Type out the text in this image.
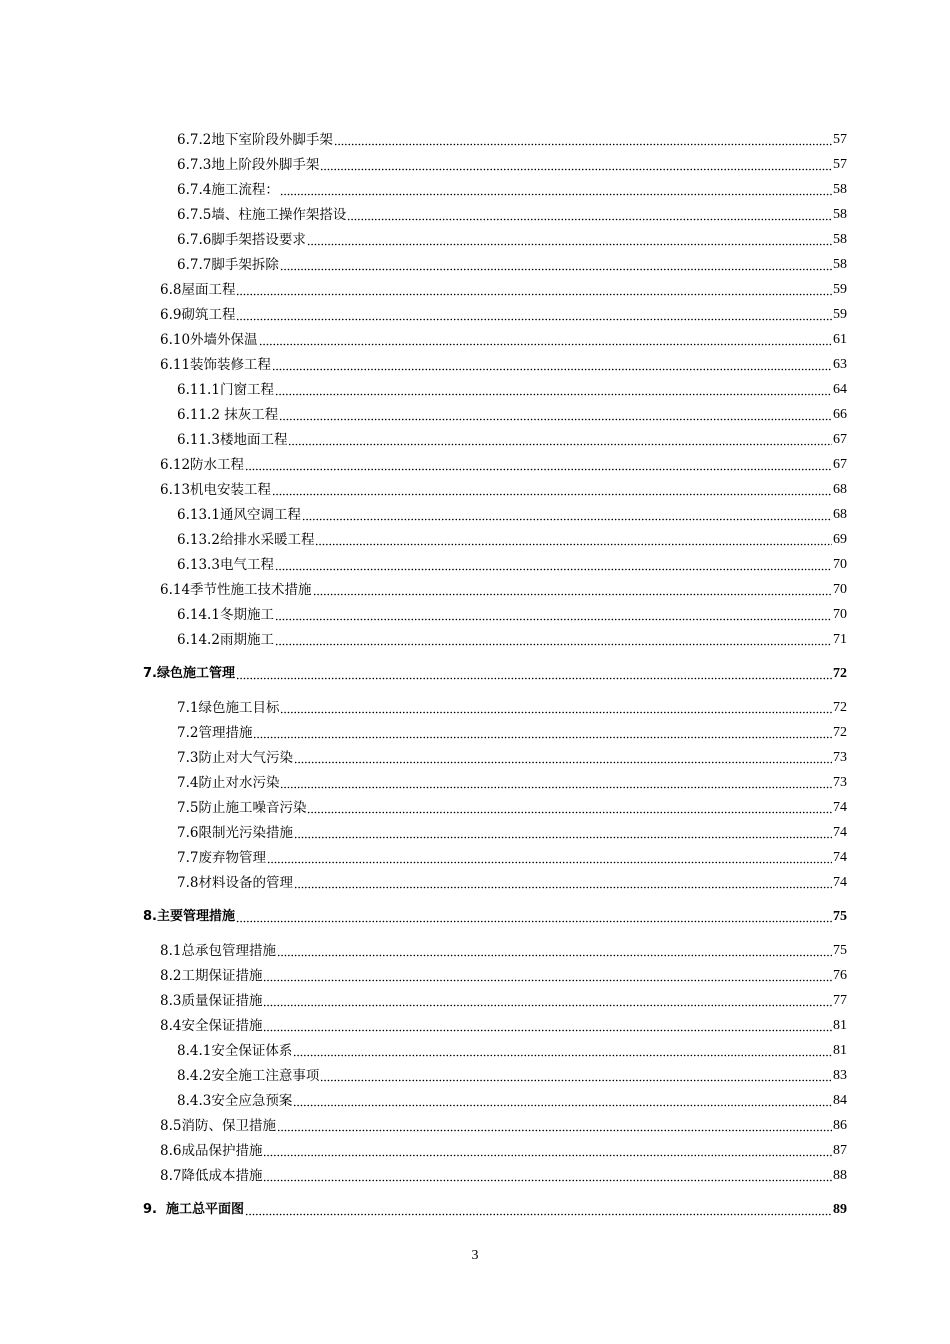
6.7.2地下室阶段外脚手架	57
6.7.3地上阶段外脚手架	57
6.7.4施工流程：	58
6.7.5墙、柱施工操作架搭设	58
6.7.6脚手架搭设要求	58
6.7.7脚手架拆除	58
6.8屋面工程	59
6.9砌筑工程	59
6.10外墙外保温	61
6.11装饰装修工程	63
6.11.1门窗工程	64
6.11.2 抹灰工程	66
6.11.3楼地面工程	67
6.12防水工程	67
6.13机电安装工程	68
6.13.1通风空调工程	68
6.13.2给排水采暖工程	69
6.13.3电气工程	70
6.14季节性施工技术措施	70
6.14.1冬期施工	70
6.14.2雨期施工	71
7.绿色施工管理	72
7.1绿色施工目标	72
7.2管理措施	72
7.3防止对大气污染	73
7.4防止对水污染	73
7.5防止施工噪音污染	74
7.6限制光污染措施	74
7.7废弃物管理	74
7.8材料设备的管理	74
8.主要管理措施	75
8.1总承包管理措施	75
8.2工期保证措施	76
8.3质量保证措施	77
8.4安全保证措施	81
8.4.1安全保证体系	81
8.4.2安全施工注意事项	83
8.4.3安全应急预案	84
8.5消防、保卫措施	86
8.6成品保护措施	87
8.7降低成本措施	88
9.  施工总平面图	89
3
